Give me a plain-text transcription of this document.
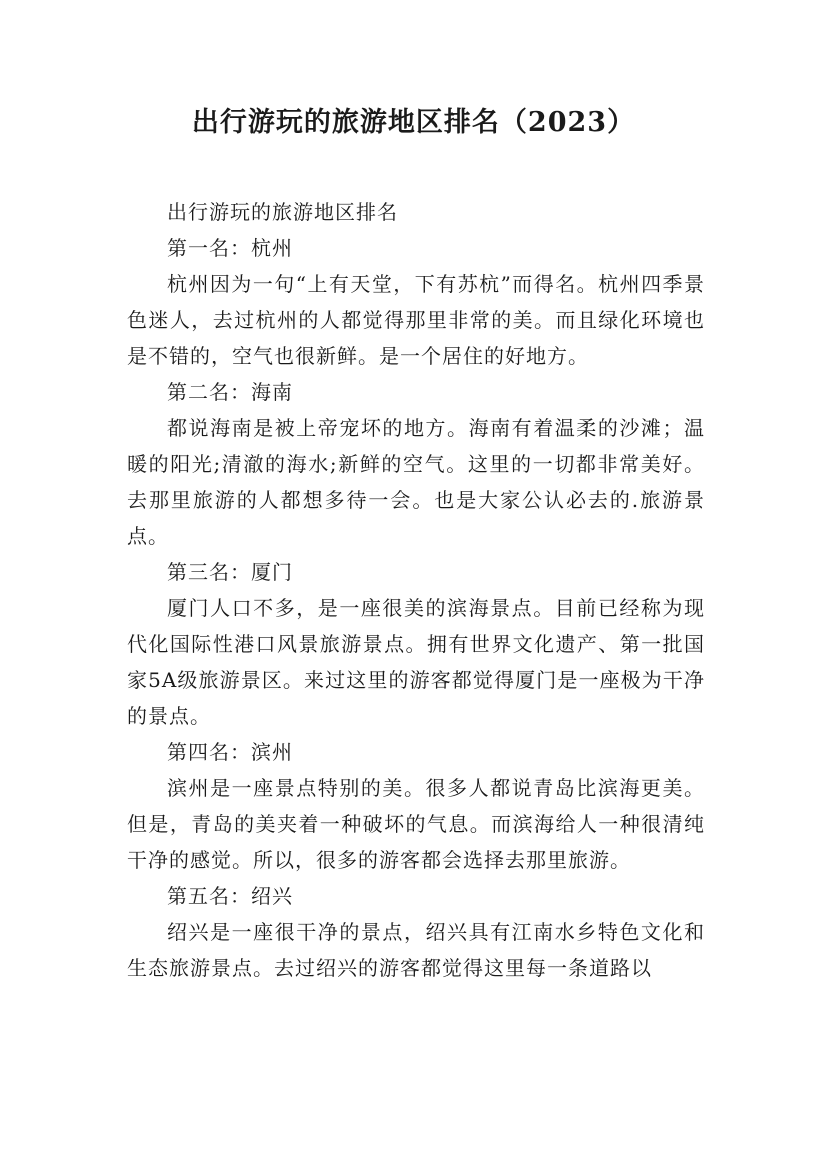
出行游玩的旅游地区排名（2023）

出行游玩的旅游地区排名

第一名：杭州

杭州因为一句“上有天堂，下有苏杭”而得名。杭州四季景色迷人，去过杭州的人都觉得那里非常的美。而且绿化环境也是不错的，空气也很新鲜。是一个居住的好地方。

第二名：海南

都说海南是被上帝宠坏的地方。海南有着温柔的沙滩；温暖的阳光;清澈的海水;新鲜的空气。这里的一切都非常美好。去那里旅游的人都想多待一会。也是大家公认必去的.旅游景点。

第三名：厦门

厦门人口不多，是一座很美的滨海景点。目前已经称为现代化国际性港口风景旅游景点。拥有世界文化遗产、第一批国家5A级旅游景区。来过这里的游客都觉得厦门是一座极为干净的景点。

第四名：滨州

滨州是一座景点特别的美。很多人都说青岛比滨海更美。但是，青岛的美夹着一种破坏的气息。而滨海给人一种很清纯干净的感觉。所以，很多的游客都会选择去那里旅游。

第五名：绍兴

绍兴是一座很干净的景点，绍兴具有江南水乡特色文化和生态旅游景点。去过绍兴的游客都觉得这里每一条道路以
